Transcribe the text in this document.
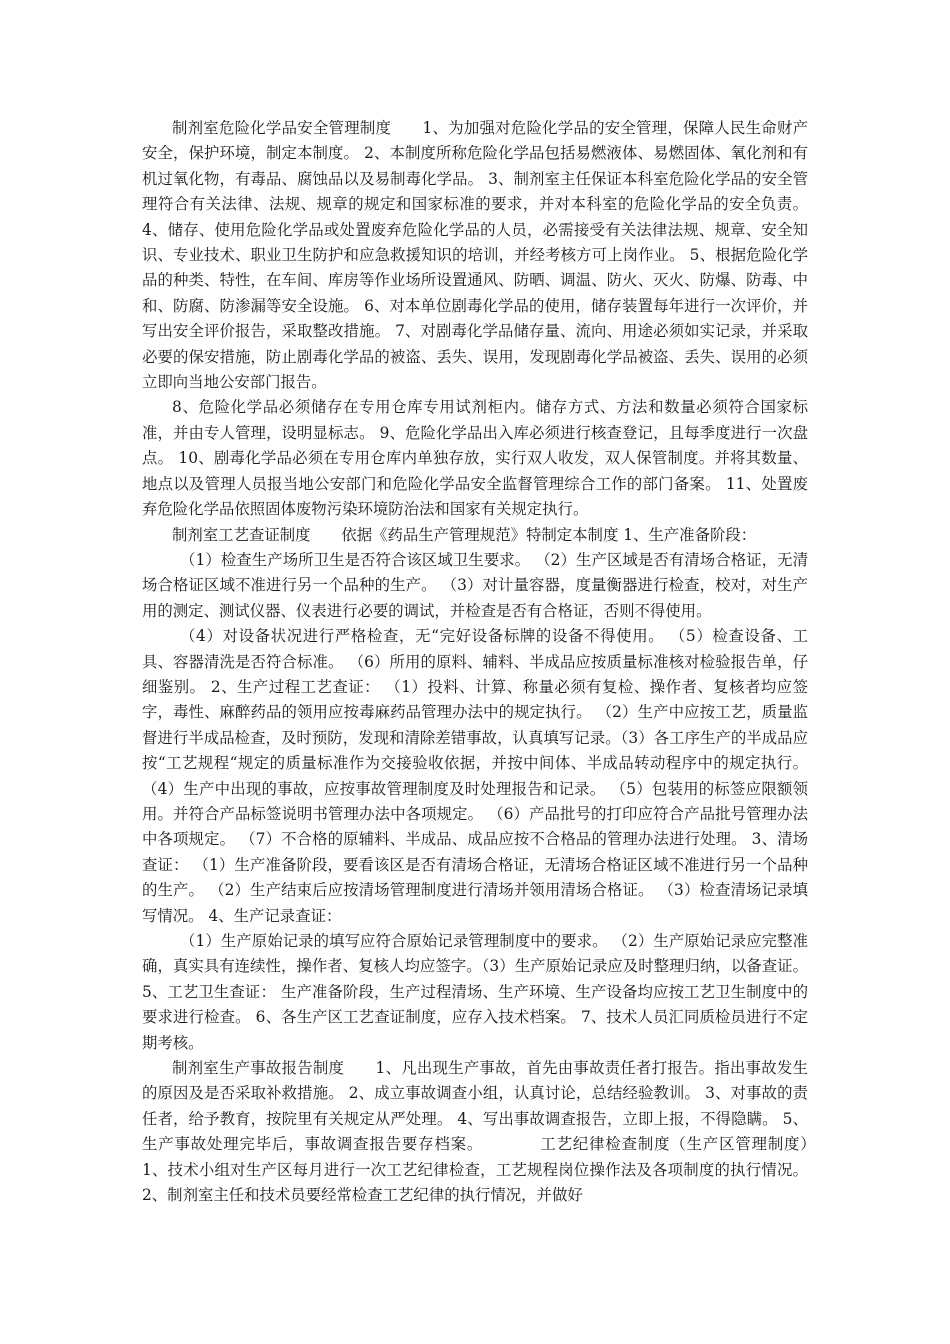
制剂室危险化学品安全管理制度　　1、为加强对危险化学品的安全管理，保障人民生命财产安全，保护环境，制定本制度。 2、本制度所称危险化学品包括易燃液体、易燃固体、氧化剂和有机过氧化物，有毒品、腐蚀品以及易制毒化学品。 3、制剂室主任保证本科室危险化学品的安全管理符合有关法律、法规、规章的规定和国家标准的要求，并对本科室的危险化学品的安全负责。 4、储存、使用危险化学品或处置废弃危险化学品的人员，必需接受有关法律法规、规章、安全知识、专业技术、职业卫生防护和应急救援知识的培训，并经考核方可上岗作业。 5、根据危险化学品的种类、特性，在车间、库房等作业场所设置通风、防晒、调温、防火、灭火、防爆、防毒、中和、防腐、防渗漏等安全设施。 6、对本单位剧毒化学品的使用，储存装置每年进行一次评价，并写出安全评价报告，采取整改措施。 7、对剧毒化学品储存量、流向、用途必须如实记录，并采取必要的保安措施，防止剧毒化学品的被盗、丢失、误用，发现剧毒化学品被盗、丢失、误用的必须立即向当地公安部门报告。

8、危险化学品必须储存在专用仓库专用试剂柜内。储存方式、方法和数量必须符合国家标准，并由专人管理，设明显标志。 9、危险化学品出入库必须进行核查登记，且每季度进行一次盘点。 10、剧毒化学品必须在专用仓库内单独存放，实行双人收发，双人保管制度。并将其数量、地点以及管理人员报当地公安部门和危险化学品安全监督管理综合工作的部门备案。 11、处置废弃危险化学品依照固体废物污染环境防治法和国家有关规定执行。

制剂室工艺查证制度　　依据《药品生产管理规范》特制定本制度 1、生产准备阶段：

（1）检查生产场所卫生是否符合该区域卫生要求。 （2）生产区域是否有清场合格证，无清场合格证区域不准进行另一个品种的生产。 （3）对计量容器，度量衡器进行检查，校对，对生产用的测定、测试仪器、仪表进行必要的调试，并检查是否有合格证，否则不得使用。

（4）对设备状况进行严格检查，无“完好设备标牌的设备不得使用。 （5）检查设备、工具、容器清洗是否符合标准。 （6）所用的原料、辅料、半成品应按质量标准核对检验报告单，仔细鉴别。 2、生产过程工艺查证： （1）投料、计算、称量必须有复检、操作者、复核者均应签字，毒性、麻醉药品的领用应按毒麻药品管理办法中的规定执行。 （2）生产中应按工艺，质量监督进行半成品检查，及时预防，发现和清除差错事故，认真填写记录。（3）各工序生产的半成品应按“工艺规程“规定的质量标准作为交接验收依据，并按中间体、半成品转动程序中的规定执行。 （4）生产中出现的事故，应按事故管理制度及时处理报告和记录。 （5）包装用的标签应限额领用。并符合产品标签说明书管理办法中各项规定。 （6）产品批号的打印应符合产品批号管理办法中各项规定。 （7）不合格的原辅料、半成品、成品应按不合格品的管理办法进行处理。 3、清场查证： （1）生产准备阶段，要看该区是否有清场合格证，无清场合格证区域不准进行另一个品种的生产。 （2）生产结束后应按清场管理制度进行清场并领用清场合格证。 （3）检查清场记录填写情况。 4、生产记录查证：

（1）生产原始记录的填写应符合原始记录管理制度中的要求。 （2）生产原始记录应完整准确，真实具有连续性，操作者、复核人均应签字。（3）生产原始记录应及时整理归纳，以备查证。 5、工艺卫生查证： 生产准备阶段，生产过程清场、生产环境、生产设备均应按工艺卫生制度中的要求进行检查。 6、各生产区工艺查证制度，应存入技术档案。 7、技术人员汇同质检员进行不定期考核。

制剂室生产事故报告制度　　1、凡出现生产事故，首先由事故责任者打报告。指出事故发生的原因及是否采取补救措施。 2、成立事故调查小组，认真讨论，总结经验教训。 3、对事故的责任者，给予教育，按院里有关规定从严处理。 4、写出事故调查报告，立即上报，不得隐瞒。 5、生产事故处理完毕后，事故调查报告要存档案。　　　　工艺纪律检查制度（生产区管理制度）　　1、技术小组对生产区每月进行一次工艺纪律检查，工艺规程岗位操作法及各项制度的执行情况。 2、制剂室主任和技术员要经常检查工艺纪律的执行情况，并做好
